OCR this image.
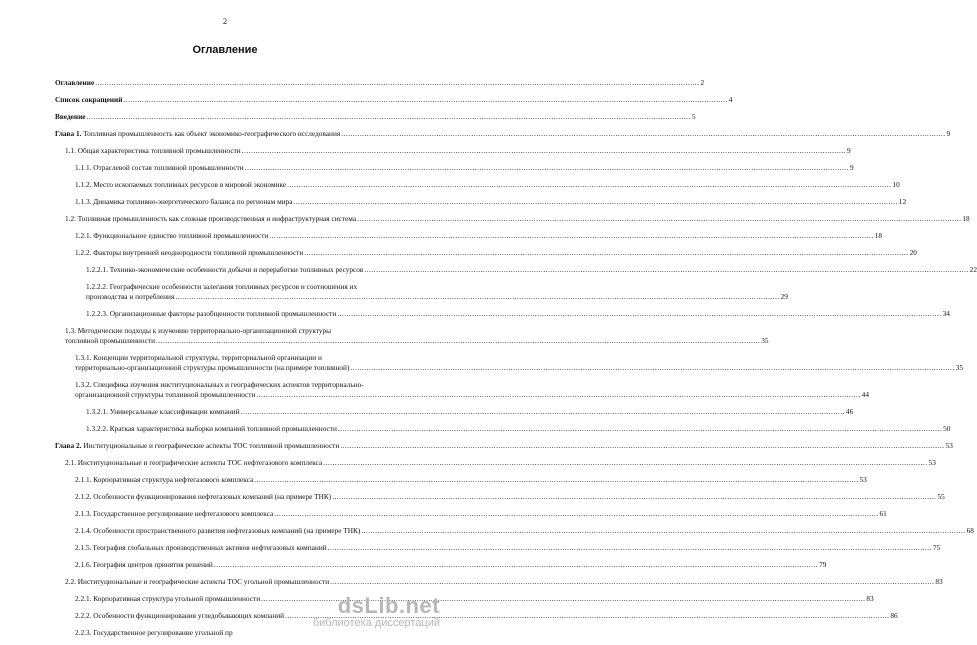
2
Оглавление
Оглавление .....	2
Список сокращений .....	4
Введение .....	5
Глава 1. Топливная промышленность как объект экономико-географического исследования .....	9
1.1. Общая характеристика топливной промышленности .....	9
1.1.1. Отраслевой состав топливной промышленности .....	9
1.1.2. Место ископаемых топливных ресурсов в мировой экономике .....	10
1.1.3. Динамика топливно-энергетического баланса по регионам мира .....	12
1.2. Топливная промышленность как сложная производственная и инфраструктурная система .....	18
1.2.1. Функциональное единство топливной промышленности .....	18
1.2.2. Факторы внутренней неоднородности топливной промышленности .....	20
1.2.2.1. Технико-экономические особенности добычи и переработки топливных ресурсов .....	22
1.2.2.2. Географические особенности залегания топливных ресурсов и соотношения их
производства и потребления .....	29
1.2.2.3. Организационные факторы разобщенности топливной промышленности .....	34
1.3. Методические подходы к изучению территориально-организационной структуры
топливной промышленности .....	35
1.3.1. Концепции территориальной структуры, территориальной организации и
территориально-организационной структуры промышленности (на примере топливной) .....	35
1.3.2. Специфика изучения институциональных и географических аспектов территориально-
организационной структуры топливной промышленности .....	44
1.3.2.1. Универсальные классификации компаний .....	46
1.3.2.2. Краткая характеристика выборки компаний топливной промышленности .....	50
Глава 2. Институциональные и географические аспекты ТОС топливной промышленности .....	53
2.1. Институциональные и географические аспекты ТОС нефтегазового комплекса .....	53
2.1.1. Корпоративная структура нефтегазового комплекса .....	53
2.1.2. Особенности функционирования нефтегазовых компаний (на примере ТНК) .....	55
2.1.3. Государственное регулирование нефтегазового комплекса .....	61
2.1.4. Особенности пространственного развития нефтегазовых компаний (на примере ТНК) .....	68
2.1.5. География глобальных производственных активов нефтегазовых компаний .....	75
2.1.6. География центров принятия решений .....	79
2.2. Институциональные и географические аспекты ТОС угольной промышленности .....	83
2.2.1. Корпоративная структура угольной промышленности .....	83
2.2.2. Особенности функционирования угледобывающих компаний .....	86
2.2.3. Государственное регулирование угольной пр
dsLib.net
библиотека диссертаций
